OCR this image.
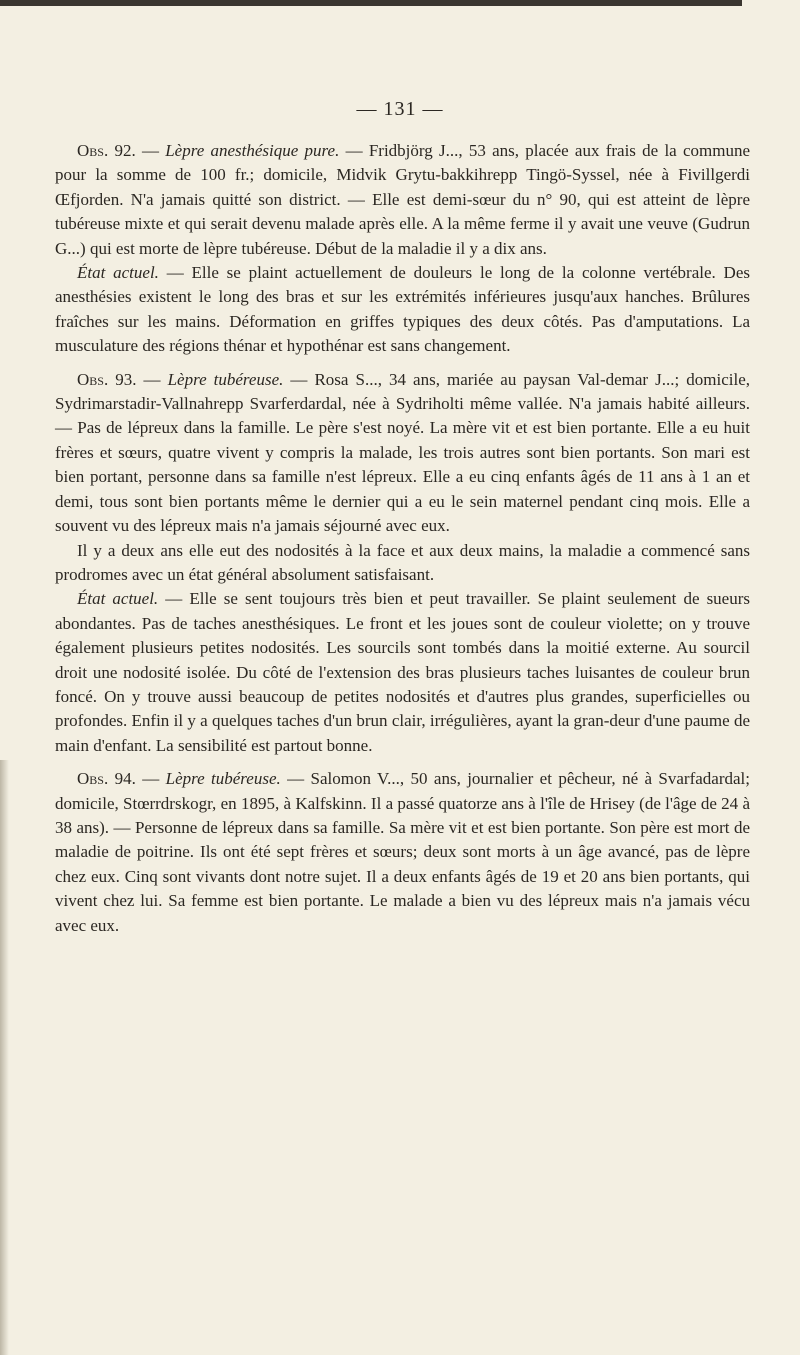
— 131 —

Obs. 92. — Lèpre anesthésique pure. — Fridbjörg J..., 53 ans, placée aux frais de la commune pour la somme de 100 fr.; domicile, Midvik Grytu-bakkihrepp Tingö-Syssel, née à Fivillgerdi Œfjorden. N'a jamais quitté son district. — Elle est demi-sœur du n° 90, qui est atteint de lèpre tubéreuse mixte et qui serait devenu malade après elle. A la même ferme il y avait une veuve (Gudrun G...) qui est morte de lèpre tubéreuse. Début de la maladie il y a dix ans.

État actuel. — Elle se plaint actuellement de douleurs le long de la colonne vertébrale. Des anesthésies existent le long des bras et sur les extrémités inférieures jusqu'aux hanches. Brûlures fraîches sur les mains. Déformation en griffes typiques des deux côtés. Pas d'amputations. La musculature des régions thénar et hypothénar est sans changement.

Obs. 93. — Lèpre tubéreuse. — Rosa S..., 34 ans, mariée au paysan Val-demar J...; domicile, Sydrimarstadir-Vallnahrepp Svarferdardal, née à Sydriholti même vallée. N'a jamais habité ailleurs. — Pas de lépreux dans la famille. Le père s'est noyé. La mère vit et est bien portante. Elle a eu huit frères et sœurs, quatre vivent y compris la malade, les trois autres sont bien portants. Son mari est bien portant, personne dans sa famille n'est lépreux. Elle a eu cinq enfants âgés de 11 ans à 1 an et demi, tous sont bien portants même le dernier qui a eu le sein maternel pendant cinq mois. Elle a souvent vu des lépreux mais n'a jamais séjourné avec eux.

Il y a deux ans elle eut des nodosités à la face et aux deux mains, la maladie a commencé sans prodromes avec un état général absolument satisfaisant.

État actuel. — Elle se sent toujours très bien et peut travailler. Se plaint seulement de sueurs abondantes. Pas de taches anesthésiques. Le front et les joues sont de couleur violette; on y trouve également plusieurs petites nodosités. Les sourcils sont tombés dans la moitié externe. Au sourcil droit une nodosité isolée. Du côté de l'extension des bras plusieurs taches luisantes de couleur brun foncé. On y trouve aussi beaucoup de petites nodosités et d'autres plus grandes, superficielles ou profondes. Enfin il y a quelques taches d'un brun clair, irrégulières, ayant la gran-deur d'une paume de main d'enfant. La sensibilité est partout bonne.

Obs. 94. — Lèpre tubéreuse. — Salomon V..., 50 ans, journalier et pêcheur, né à Svarfadardal; domicile, Stœrrdrskogr, en 1895, à Kalfskinn. Il a passé quatorze ans à l'île de Hrisey (de l'âge de 24 à 38 ans). — Personne de lépreux dans sa famille. Sa mère vit et est bien portante. Son père est mort de maladie de poitrine. Ils ont été sept frères et sœurs; deux sont morts à un âge avancé, pas de lèpre chez eux. Cinq sont vivants dont notre sujet. Il a deux enfants âgés de 19 et 20 ans bien portants, qui vivent chez lui. Sa femme est bien portante. Le malade a bien vu des lépreux mais n'a jamais vécu avec eux.
